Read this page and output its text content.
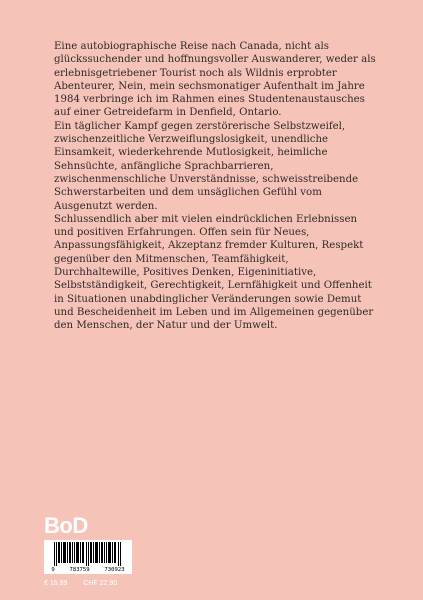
Eine autobiographische Reise nach Canada, nicht als glückssuchender und hoffnungsvoller Auswanderer, weder als erlebnisgetriebener Tourist noch als Wildnis erprobter Abenteurer, Nein, mein sechsmonatiger Aufenthalt im Jahre 1984 verbringe ich im Rahmen eines Studentenaustausches auf einer Getreidefarm in Denfield, Ontario.

Ein täglicher Kampf gegen zerstörerische Selbstzweifel, zwischenzeitliche Verzweiflungslosigkeit, unendliche Einsamkeit, wiederkehrende Mutlosigkeit, heimliche Sehnsüchte, anfängliche Sprachbarrieren, zwischenmenschliche Unverständnisse, schweisstreibende Schwerstarbeiten und dem unsäglichen Gefühl vom Ausgenutzt werden.

Schlussendlich aber mit vielen eindrücklichen Erlebnissen und positiven Erfahrungen. Offen sein für Neues, Anpassungsfähigkeit, Akzeptanz fremder Kulturen, Respekt gegenüber den Mitmenschen, Teamfähigkeit, Durchhaltewille, Positives Denken, Eigeninitiative, Selbstständigkeit, Gerechtigkeit, Lernfähigkeit und Offenheit in Situationen unabdinglicher Veränderungen sowie Demut und Bescheidenheit im Leben und im Allgemeinen gegenüber den Menschen, der Natur und der Umwelt.

BoD
9	783759	730923
€ 15,99 CHF 22,90
